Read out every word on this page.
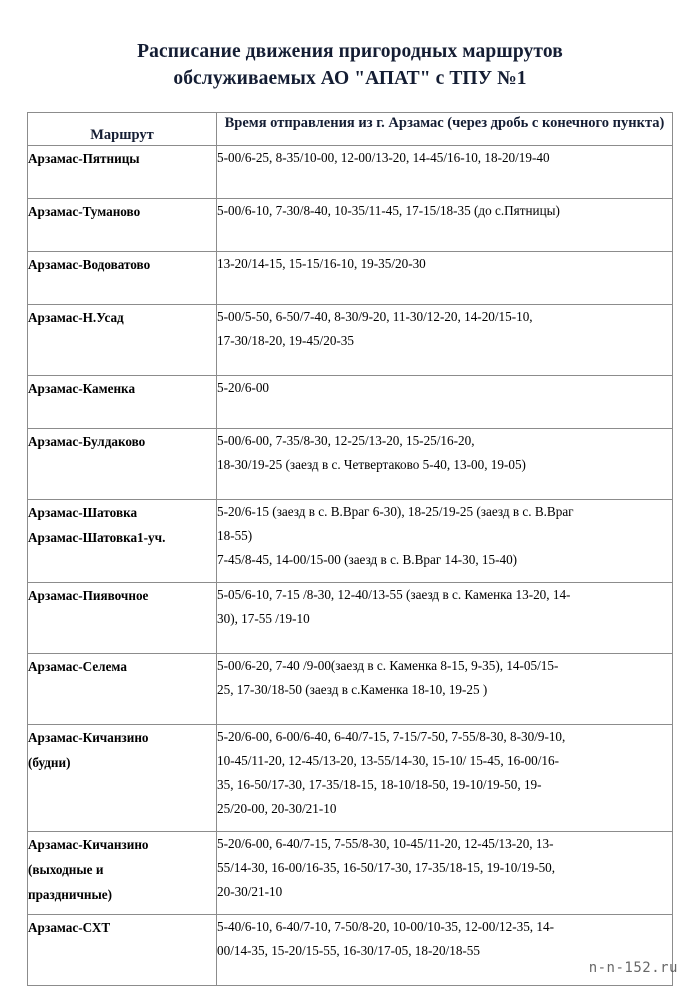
Расписание движения пригородных маршрутов
обслуживаемых АО "АПАТ" с ТПУ №1
Маршрут	Время отправления из г. Арзамас (через дробь с конечного пункта)

Арзамас-Пятницы	5-00/6-25, 8-35/10-00, 12-00/13-20, 14-45/16-10, 18-20/19-40

Арзамас-Туманово	5-00/6-10, 7-30/8-40, 10-35/11-45, 17-15/18-35 (до с.Пятницы)

Арзамас-Водоватово	13-20/14-15, 15-15/16-10, 19-35/20-30

Арзамас-Н.Усад	5-00/5-50, 6-50/7-40, 8-30/9-20, 11-30/12-20, 14-20/15-10,
17-30/18-20, 19-45/20-35

Арзамас-Каменка	5-20/6-00

Арзамас-Булдаково	5-00/6-00, 7-35/8-30, 12-25/13-20, 15-25/16-20,
18-30/19-25 (заезд в с. Четвертаково 5-40, 13-00, 19-05)

Арзамас-Шатовка
Арзамас-Шатовка1-уч.	5-20/6-15 (заезд в с. В.Враг 6-30), 18-25/19-25 (заезд в с. В.Враг
18-55)
7-45/8-45, 14-00/15-00 (заезд в с. В.Враг 14-30, 15-40)

Арзамас-Пиявочное	5-05/6-10, 7-15 /8-30, 12-40/13-55 (заезд в с. Каменка 13-20, 14-
30), 17-55 /19-10

Арзамас-Селема	5-00/6-20, 7-40 /9-00(заезд в с. Каменка 8-15, 9-35), 14-05/15-
25, 17-30/18-50 (заезд в с.Каменка 18-10, 19-25 )

Арзамас-Кичанзино
(будни)	5-20/6-00, 6-00/6-40, 6-40/7-15, 7-15/7-50, 7-55/8-30, 8-30/9-10,
10-45/11-20, 12-45/13-20, 13-55/14-30, 15-10/ 15-45, 16-00/16-
35, 16-50/17-30, 17-35/18-15, 18-10/18-50, 19-10/19-50, 19-
25/20-00, 20-30/21-10

Арзамас-Кичанзино
(выходные и
праздничные)	5-20/6-00, 6-40/7-15, 7-55/8-30, 10-45/11-20, 12-45/13-20, 13-
55/14-30, 16-00/16-35, 16-50/17-30, 17-35/18-15, 19-10/19-50,
20-30/21-10

Арзамас-СХТ	5-40/6-10, 6-40/7-10, 7-50/8-20, 10-00/10-35, 12-00/12-35, 14-
00/14-35, 15-20/15-55, 16-30/17-05, 18-20/18-55
n-n-152.ru
